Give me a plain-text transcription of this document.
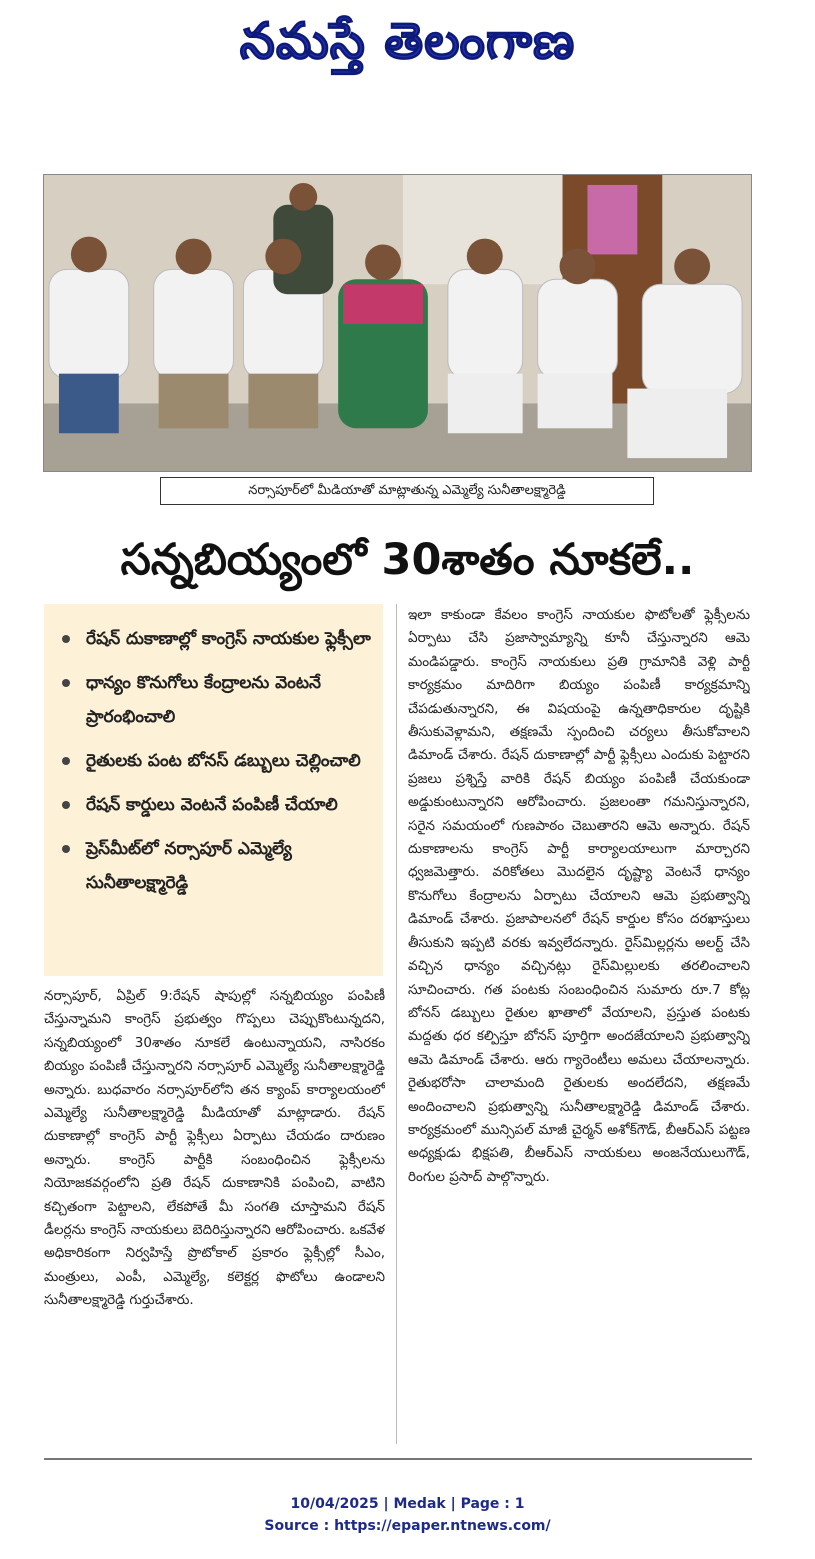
నమస్తే తెలంగాణ
నర్సాపూర్‌లో మీడియాతో మాట్లాతున్న ఎమ్మెల్యే సునీతాలక్ష్మారెడ్డి
సన్నబియ్యంలో 30శాతం నూకలే..
రేషన్‌ దుకాణాల్లో కాంగ్రెస్‌ నాయకుల ఫ్లెక్సీలా
ధాన్యం కొనుగోలు కేంద్రాలను వెంటనే ప్రారంభించాలి
రైతులకు పంట బోనస్‌ డబ్బులు చెల్లించాలి
రేషన్‌ కార్డులు వెంటనే పంపిణీ చేయాలి
ప్రెస్‌మీట్‌లో నర్సాపూర్‌ ఎమ్మెల్యే సునీతాలక్ష్మారెడ్డి
నర్సాపూర్‌, ఏప్రిల్‌ 9:రేషన్‌ షాపుల్లో సన్నబియ్యం పంపిణీ చేస్తున్నామని కాంగ్రెస్‌ ప్రభుత్వం గొప్పలు చెప్పుకొంటున్నదని, సన్నబియ్యంలో 30శాతం నూకలే ఉంటున్నాయని, నాసిరకం బియ్యం పంపిణీ చేస్తున్నారని నర్సాపూర్‌ ఎమ్మెల్యే సునీతాలక్ష్మారెడ్డి అన్నారు. బుధవారం నర్సాపూర్‌లోని తన క్యాంప్‌ కార్యాలయంలో ఎమ్మెల్యే సునీతాలక్ష్మారెడ్డి మీడియాతో మాట్లాడారు. రేషన్‌ దుకాణాల్లో కాంగ్రెస్‌ పార్టీ ఫ్లెక్సీలు ఏర్పాటు చేయడం దారుణం అన్నారు. కాంగ్రెస్‌ పార్టీకి సంబంధించిన ఫ్లెక్సీలను నియోజకవర్గంలోని ప్రతి రేషన్‌ దుకాణానికి పంపించి, వాటిని కచ్చితంగా పెట్టాలని, లేకపోతే మీ సంగతి చూస్తామని రేషన్‌ డీలర్లను కాంగ్రెస్‌ నాయకులు బెదిరిస్తున్నారని ఆరోపించారు. ఒకవేళ అధికారికంగా నిర్వహిస్తే ప్రొటోకాల్‌ ప్రకారం ఫ్లెక్సీల్లో సీఎం, మంత్రులు, ఎంపీ, ఎమ్మెల్యే, కలెక్టర్ల ఫొటోలు ఉండాలని సునీతాలక్ష్మారెడ్డి గుర్తుచేశారు.
ఇలా కాకుండా కేవలం కాంగ్రెస్‌ నాయకుల ఫొటోలతో ఫ్లెక్సీలను ఏర్పాటు చేసి ప్రజాస్వామ్యాన్ని కూనీ చేస్తున్నారని ఆమె మండిపడ్డారు. కాంగ్రెస్‌ నాయకులు ప్రతి గ్రామానికి వెళ్లి పార్టీ కార్యక్రమం మాదిరిగా బియ్యం పంపిణీ కార్యక్రమాన్ని చేపడుతున్నారని, ఈ విషయంపై ఉన్నతాధికారుల దృష్టికి తీసుకువెళ్లామని, తక్షణమే స్పందించి చర్యలు తీసుకోవాలని డిమాండ్‌ చేశారు. రేషన్‌ దుకాణాల్లో పార్టీ ఫ్లెక్సీలు ఎందుకు పెట్టారని ప్రజలు ప్రశ్నిస్తే వారికి రేషన్‌ బియ్యం పంపిణీ చేయకుండా అడ్డుకుంటున్నారని ఆరోపించారు. ప్రజలంతా గమనిస్తున్నారని, సరైన సమయంలో గుణపాఠం చెబుతారని ఆమె అన్నారు. రేషన్‌ దుకాణాలను కాంగ్రెస్‌ పార్టీ కార్యాలయాలుగా మార్చారని ధ్వజమెత్తారు. వరికోతలు మొదలైన దృష్ట్యా వెంటనే ధాన్యం కొనుగోలు కేంద్రాలను ఏర్పాటు చేయాలని ఆమె ప్రభుత్వాన్ని డిమాండ్‌ చేశారు. ప్రజాపాలనలో రేషన్‌ కార్డుల కోసం దరఖాస్తులు తీసుకుని ఇప్పటి వరకు ఇవ్వలేదన్నారు. రైస్‌మిల్లర్లను అలర్ట్‌ చేసి వచ్చిన ధాన్యం వచ్చినట్లు రైస్‌మిల్లులకు తరలించాలని సూచించారు. గత పంటకు సంబంధించిన సుమారు రూ.7 కోట్ల బోనస్‌ డబ్బులు రైతుల ఖాతాలో వేయాలని, ప్రస్తుత పంటకు మద్దతు ధర కల్పిస్తూ బోనస్‌ పూర్తిగా అందజేయాలని ప్రభుత్వాన్ని ఆమె డిమాండ్‌ చేశారు. ఆరు గ్యారెంటీలు అమలు చేయాలన్నారు. రైతుభరోసా చాలామంది రైతులకు అందలేదని, తక్షణమే అందించాలని ప్రభుత్వాన్ని సునీతాలక్ష్మారెడ్డి డిమాండ్‌ చేశారు. కార్యక్రమంలో మున్సిపల్‌ మాజీ చైర్మన్‌ అశోక్‌గౌడ్‌, బీఆర్‌ఎస్‌ పట్టణ అధ్యక్షుడు భిక్షపతి, బీఆర్‌ఎస్‌ నాయకులు అంజనేయులుగౌడ్‌, రింగుల ప్రసాద్‌ పాల్గొన్నారు.
10/04/2025 | Medak | Page : 1
Source : https://epaper.ntnews.com/
